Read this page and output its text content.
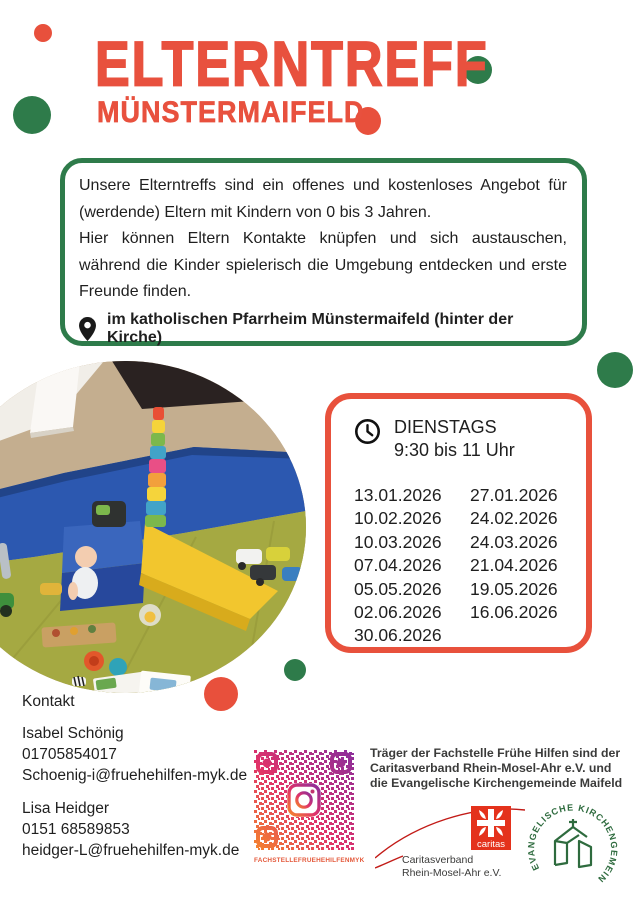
ELTERNTREFF
MÜNSTERMAIFELD

Unsere Elterntreffs sind ein offenes und kostenloses Angebot für (werdende) Eltern mit Kindern von 0 bis 3 Jahren.

Hier können Eltern Kontakte knüpfen und sich austauschen, während die Kinder spielerisch die Umgebung entdecken und erste Freunde finden.

im katholischen Pfarrheim Münstermaifeld (hinter der Kirche)
DIENSTAGS
9:30 bis 11 Uhr
13.01.2026
10.02.2026
10.03.2026
07.04.2026
05.05.2026
02.06.2026
30.06.2026
27.01.2026
24.02.2026
24.03.2026
21.04.2026
19.05.2026
16.06.2026
Kontakt
Isabel Schönig
01705854017
Schoenig-i@fruehehilfen-myk.de
Lisa Heidger
0151 68589853
heidger-L@fruehehilfen-myk.de
FACHSTELLEFRUEHEHILFENMYK
Träger der Fachstelle Frühe Hilfen sind der
Caritasverband Rhein-Mosel-Ahr e.V. und
die Evangelische Kirchengemeinde Maifeld
caritas
Caritasverband
Rhein-Mosel-Ahr e.V.	EVANGELISCHE KIRCHENGEMEINDE MAIFELD
